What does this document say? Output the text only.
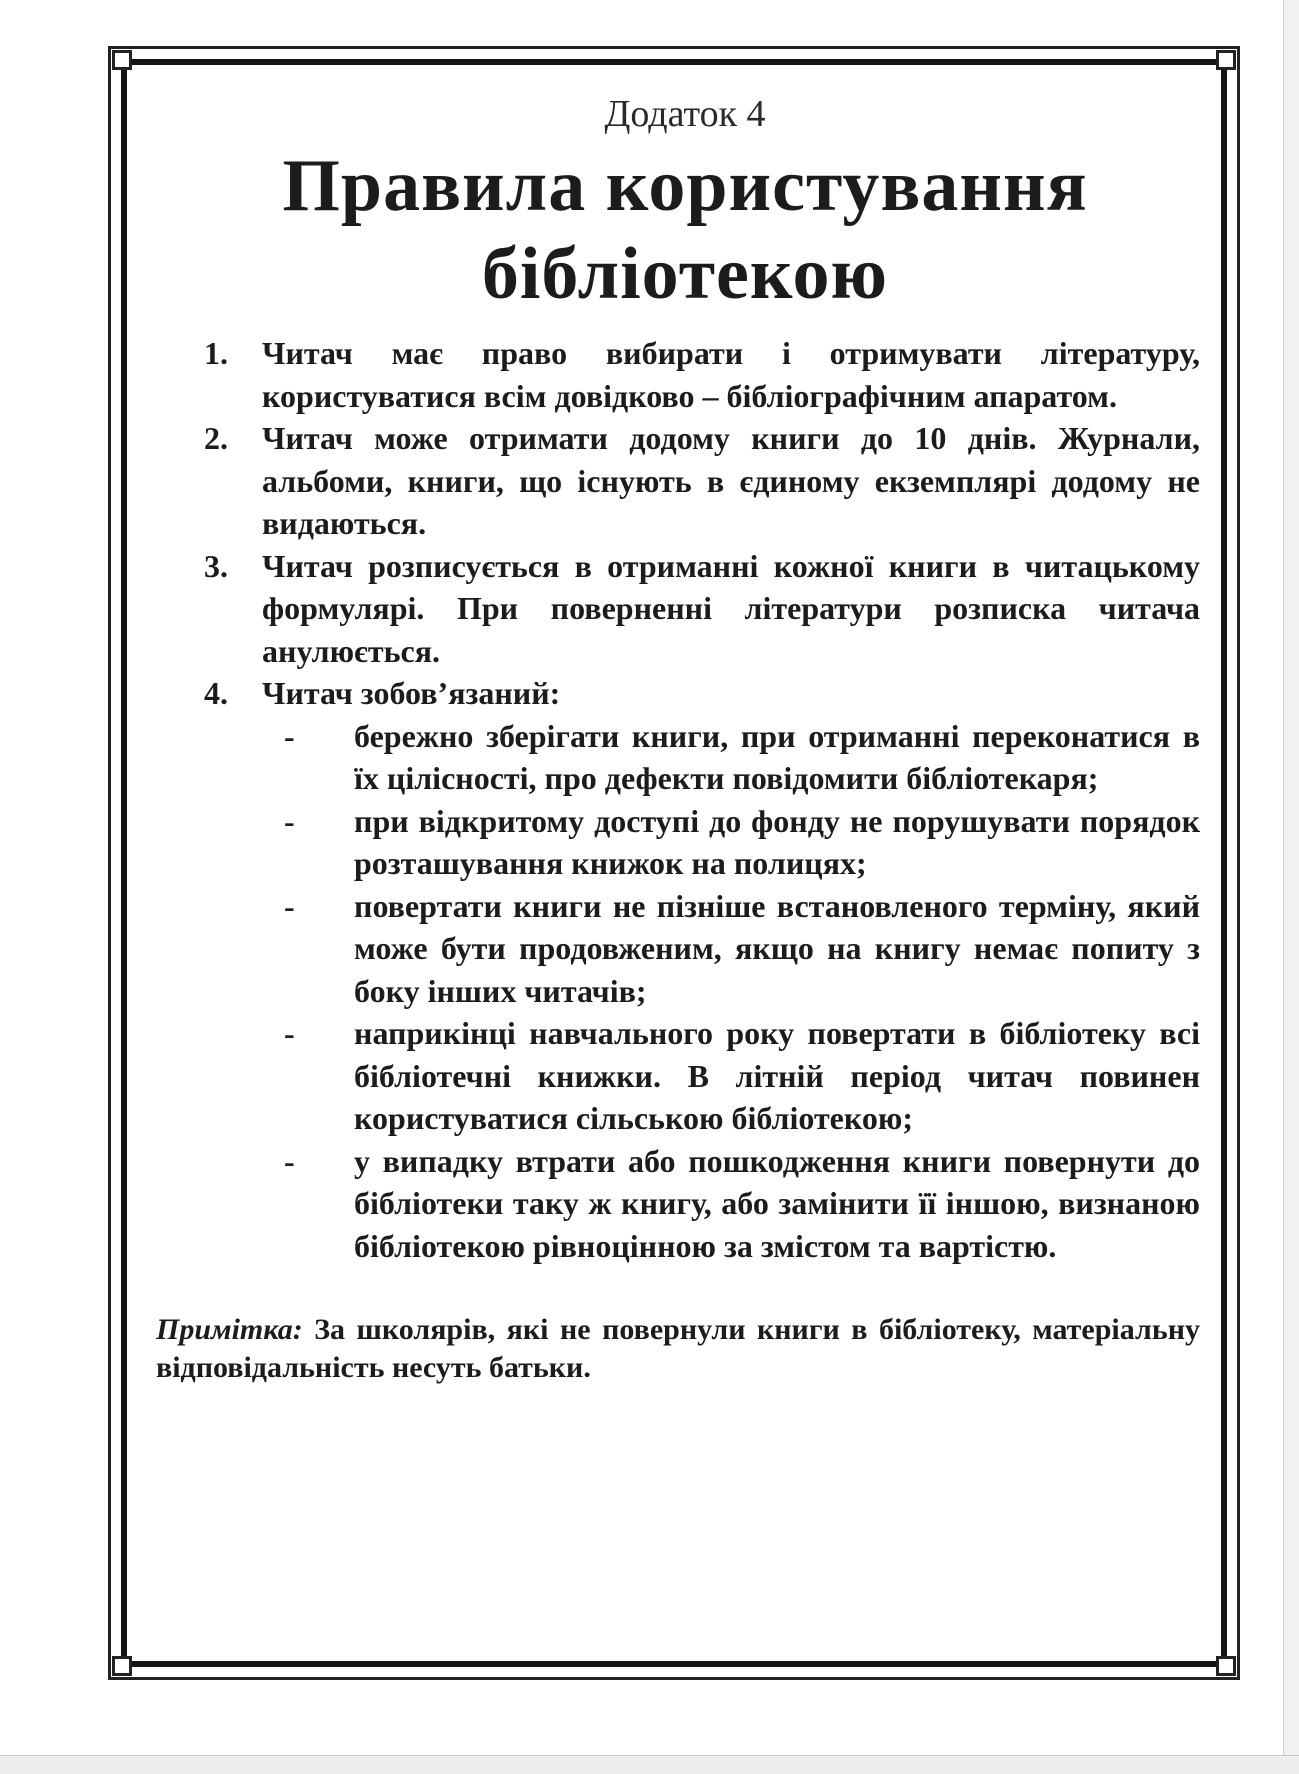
Додаток 4
Правила користування
бібліотекою
1.	Читач має право вибирати і отримувати літературу, користуватися всім довідково – бібліографічним апаратом.
2.	Читач може отримати додому книги до 10 днів. Журнали, альбоми, книги, що існують в єдиному екземплярі додому не видаються.
3.	Читач розписується в отриманні кожної книги в читацькому формулярі. При поверненні літератури розписка читача анулюється.
4.	Читач зобов’язаний:
-	бережно зберігати книги, при отриманні переконатися в їх цілісності, про дефекти повідомити бібліотекаря;
-	при відкритому доступі до фонду не порушувати порядок розташування книжок на полицях;
-	повертати книги не пізніше встановленого терміну, який може бути продовженим, якщо на книгу немає попиту з боку інших читачів;
-	наприкінці навчального року повертати в бібліотеку всі бібліотечні книжки. В літній період читач повинен користуватися сільською бібліотекою;
-	у випадку втрати або пошкодження книги повернути до бібліотеки таку ж книгу, або замінити її іншою, визнаною бібліотекою рівноцінною за змістом та вартістю.

Примітка: За школярів, які не повернули книги в бібліотеку, матеріальну відповідальність несуть батьки.
